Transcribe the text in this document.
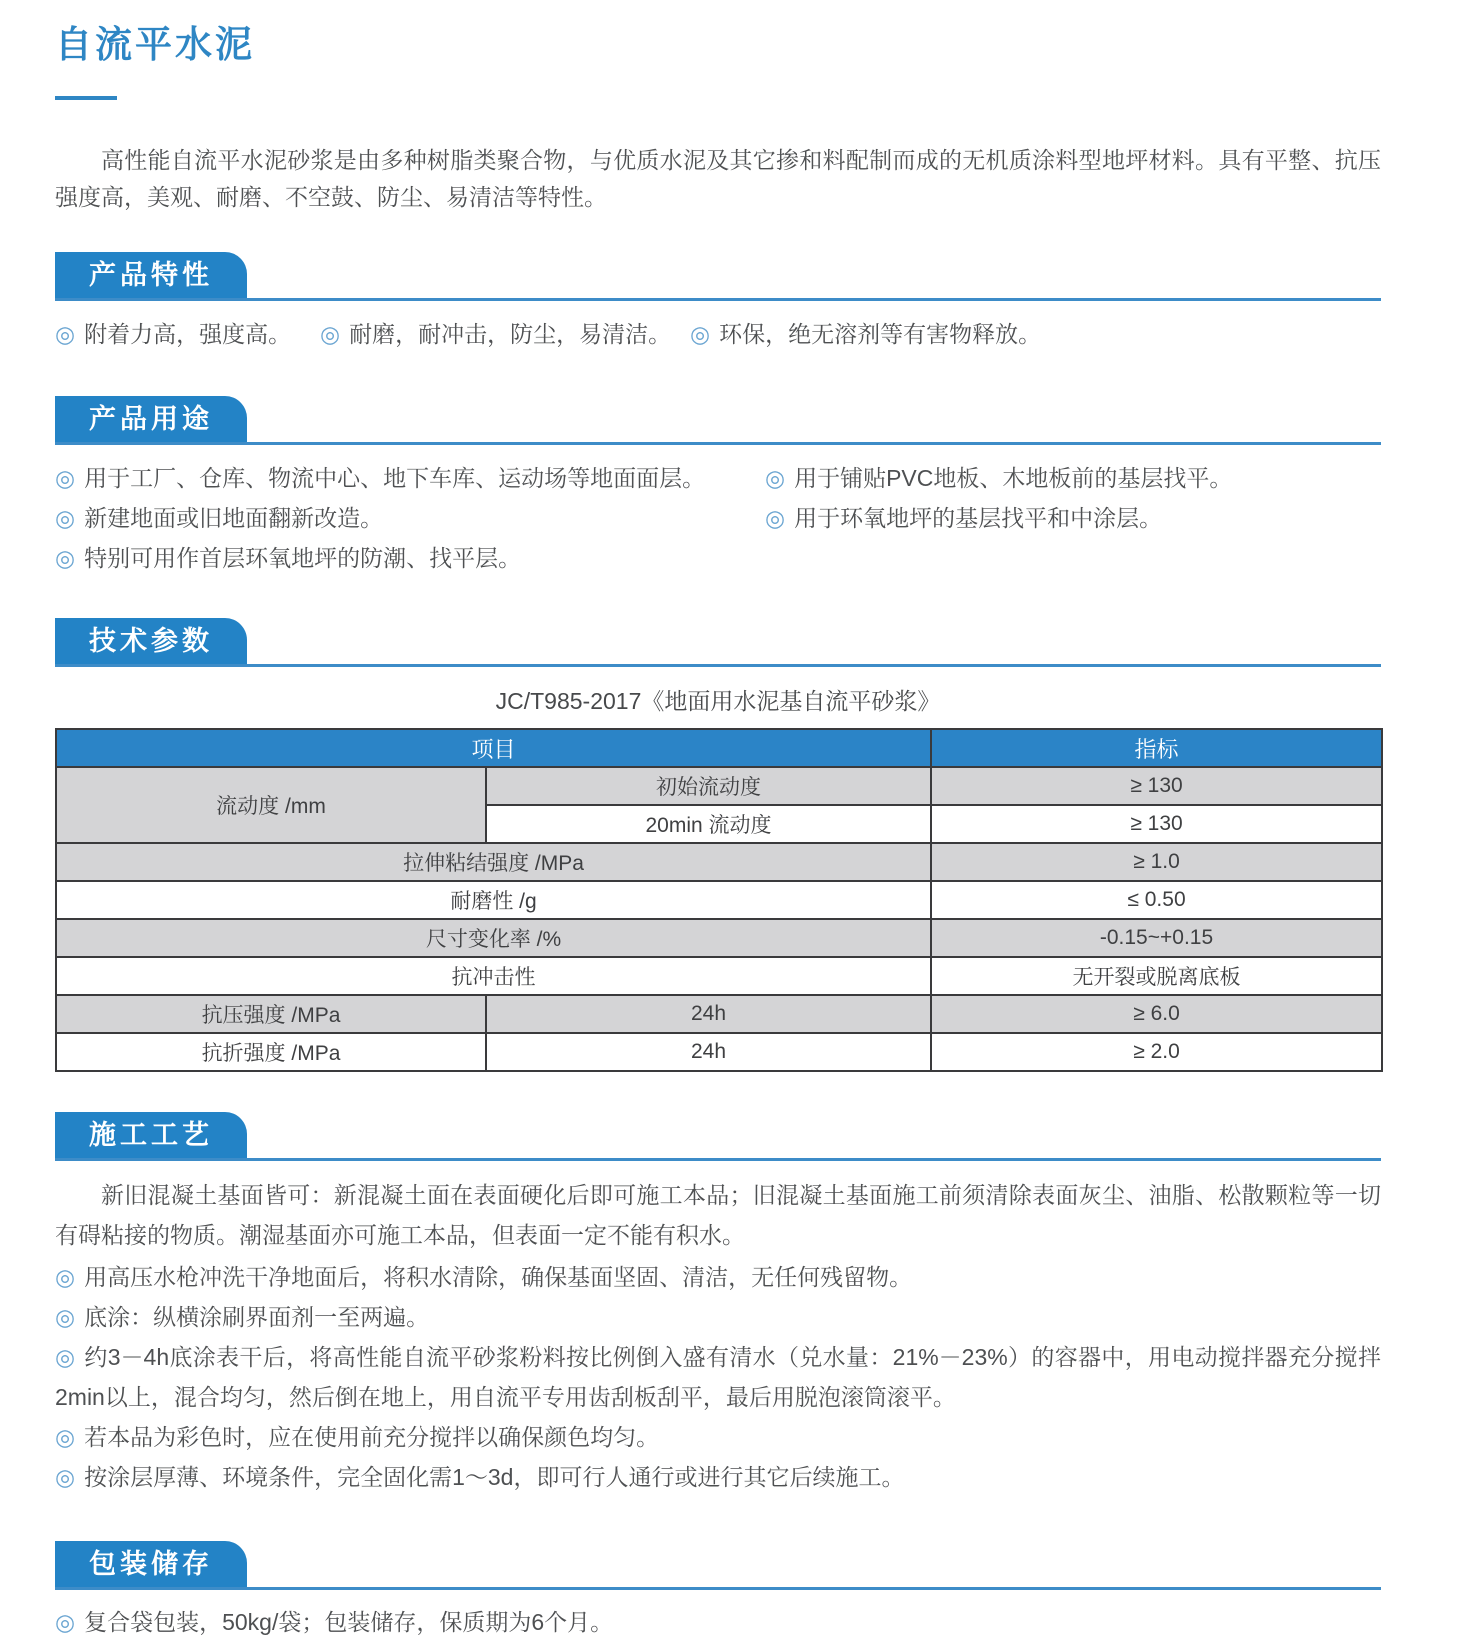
自流平水泥

高性能自流平水泥砂浆是由多种树脂类聚合物，与优质水泥及其它掺和料配制而成的无机质涂料型地坪材料。具有平整、抗压强度高，美观、耐磨、不空鼓、防尘、易清洁等特性。

产品特性
◎ 附着力高，强度高。	◎ 耐磨，耐冲击，防尘，易清洁。 ◎ 环保，绝无溶剂等有害物释放。
产品用途
◎ 用于工厂、仓库、物流中心、地下车库、运动场等地面面层。
◎ 新建地面或旧地面翻新改造。
◎ 特别可用作首层环氧地坪的防潮、找平层。
◎ 用于铺贴PVC地板、木地板前的基层找平。
◎ 用于环氧地坪的基层找平和中涂层。
技术参数
JC/T985-2017《地面用水泥基自流平砂浆》
项目		指标
流动度 /mm	初始流动度	≥ 130
	20min 流动度	≥ 130
拉伸粘结强度 /MPa		≥ 1.0
耐磨性 /g		≤ 0.50
尺寸变化率 /%		-0.15~+0.15
抗冲击性		无开裂或脱离底板
抗压强度 /MPa	24h	≥ 6.0
抗折强度 /MPa	24h	≥ 2.0
施工工艺

新旧混凝土基面皆可：新混凝土面在表面硬化后即可施工本品；旧混凝土基面施工前须清除表面灰尘、油脂、松散颗粒等一切有碍粘接的物质。潮湿基面亦可施工本品，但表面一定不能有积水。

◎ 用高压水枪冲洗干净地面后，将积水清除，确保基面坚固、清洁，无任何残留物。
◎ 底涂：纵横涂刷界面剂一至两遍。
◎ 约3－4h底涂表干后，将高性能自流平砂浆粉料按比例倒入盛有清水（兑水量：21%－23%）的容器中，用电动搅拌器充分搅拌2min以上，混合均匀，然后倒在地上，用自流平专用齿刮板刮平，最后用脱泡滚筒滚平。
◎ 若本品为彩色时，应在使用前充分搅拌以确保颜色均匀。
◎ 按涂层厚薄、环境条件，完全固化需1～3d，即可行人通行或进行其它后续施工。
包装储存
◎ 复合袋包装，50kg/袋；包装储存，保质期为6个月。
